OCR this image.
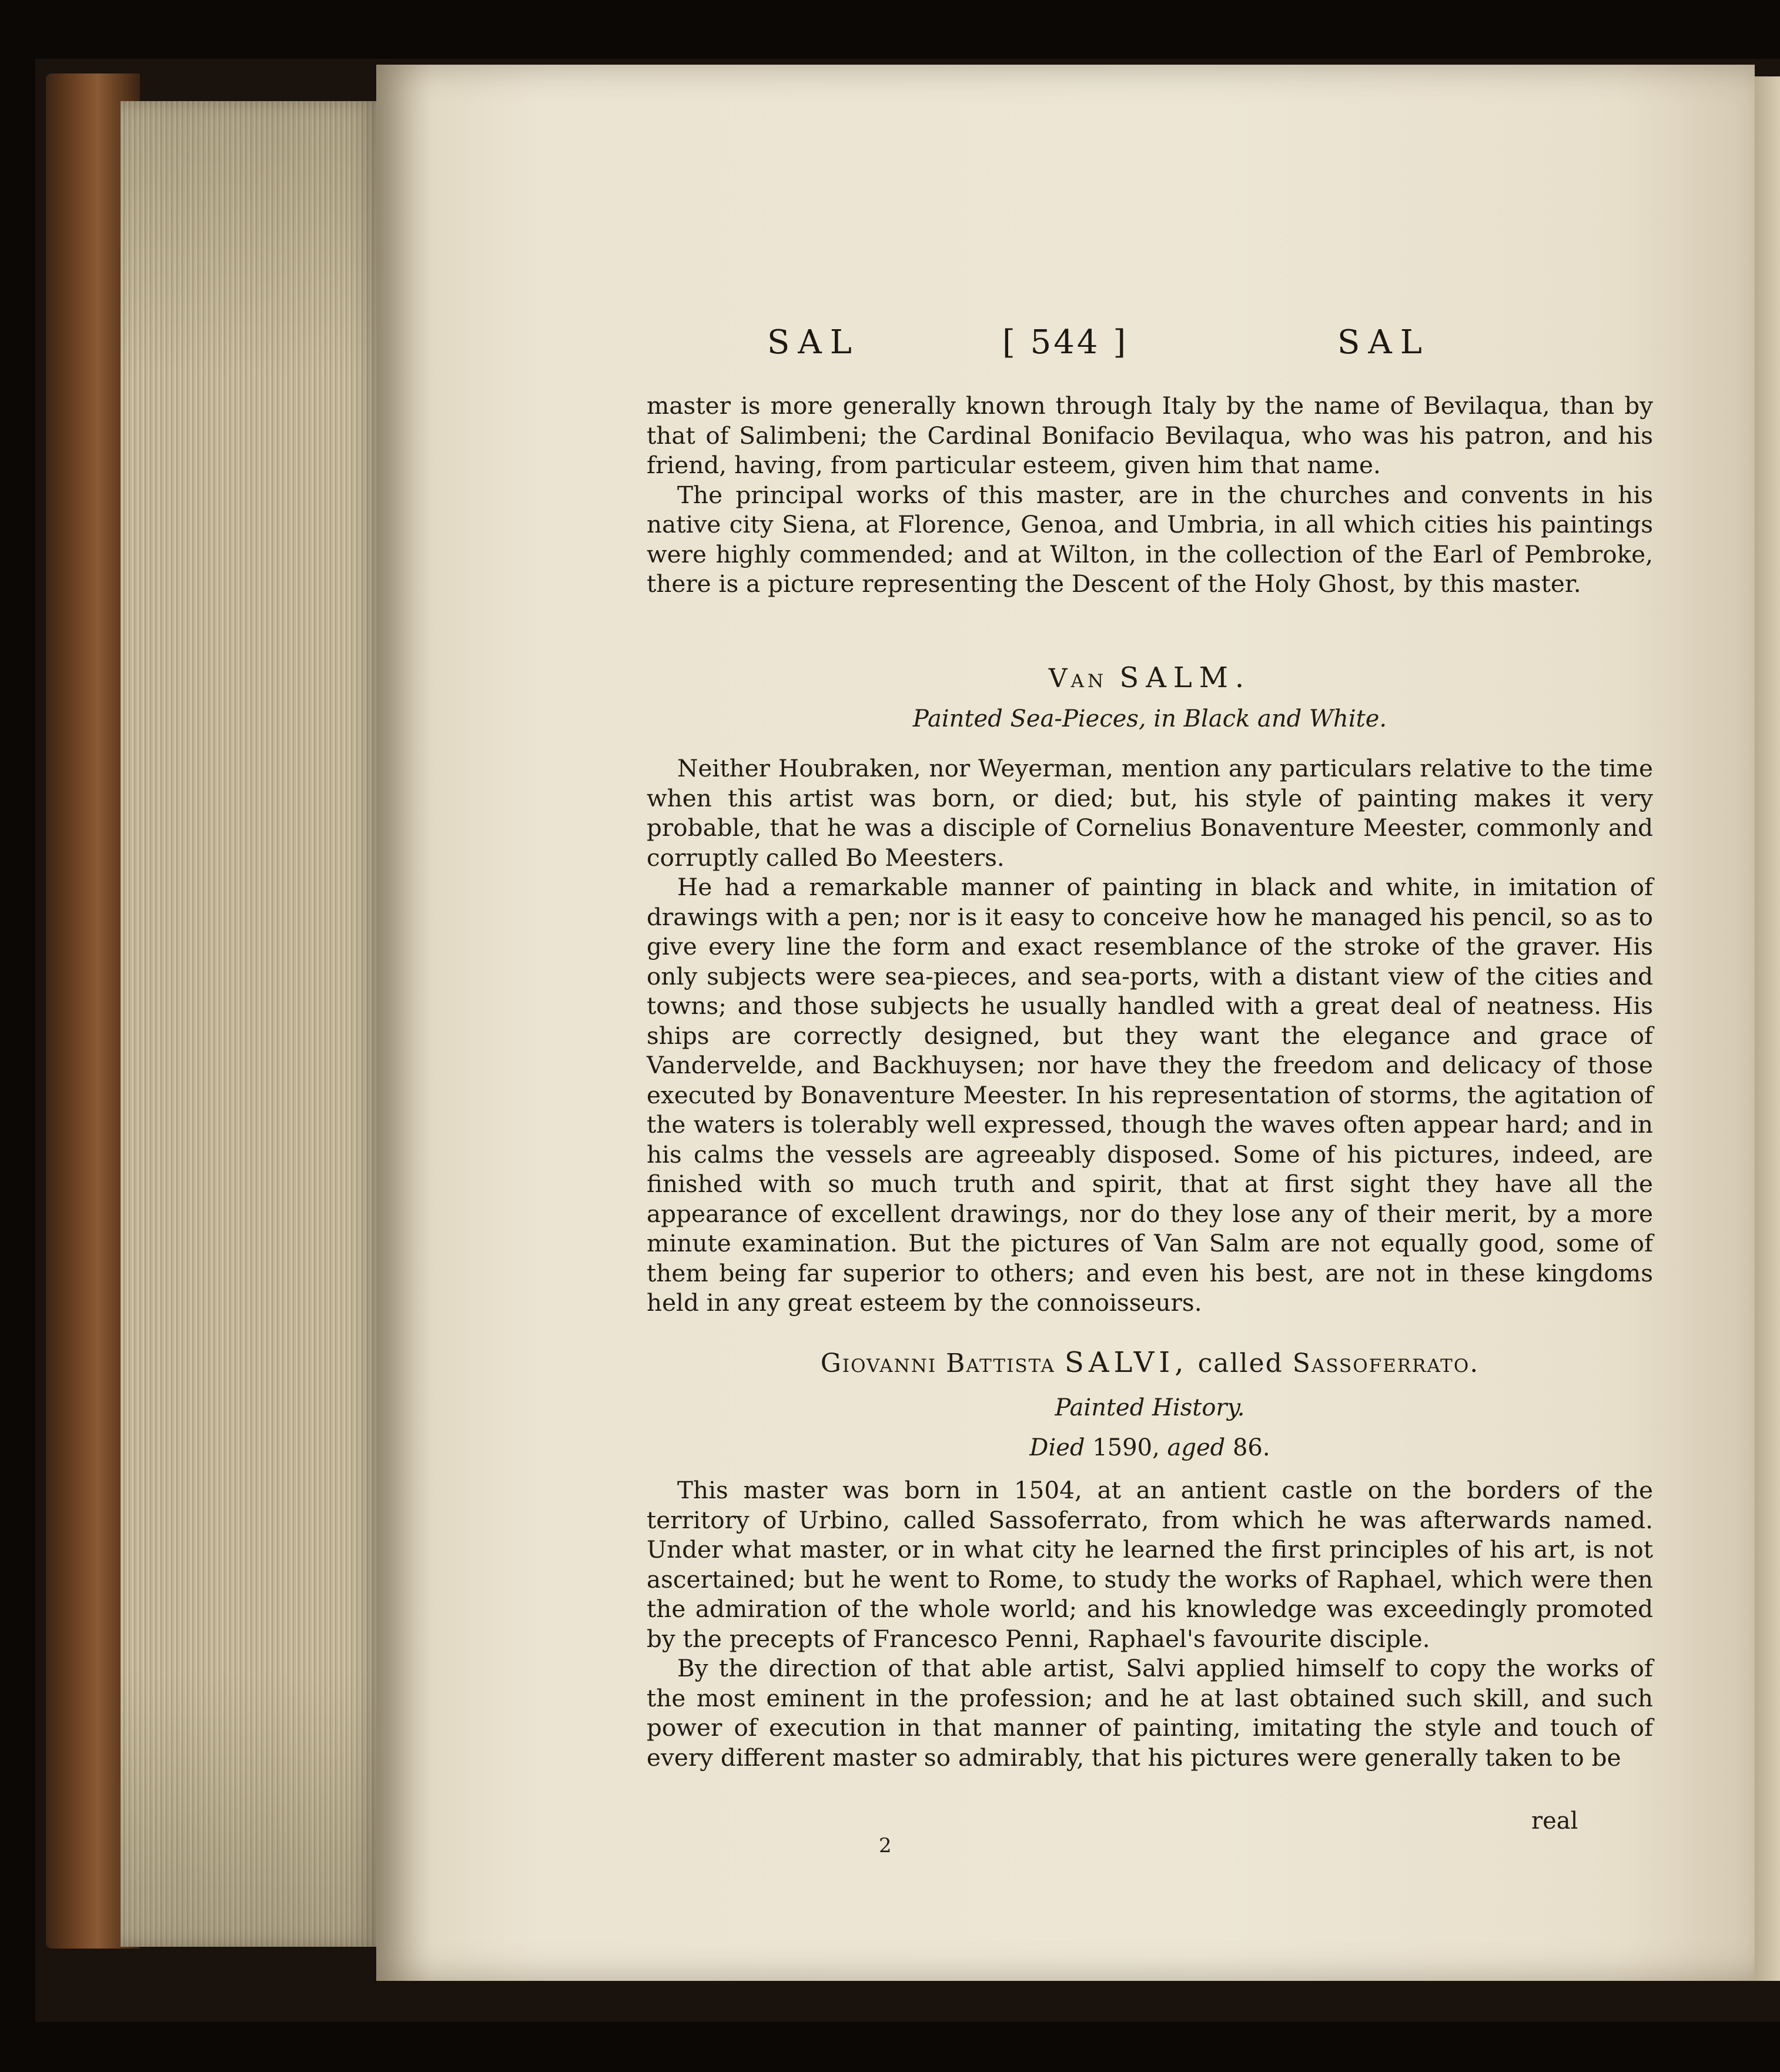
SAL	[ 544 ]	SAL

master is more generally known through Italy by the name of Bevilaqua, than by that of Salimbeni; the Cardinal Bonifacio Bevilaqua, who was his patron, and his friend, having, from particular esteem, given him that name.

The principal works of this master, are in the churches and convents in his native city Siena, at Florence, Genoa, and Umbria, in all which cities his paintings were highly commended; and at Wilton, in the collection of the Earl of Pembroke, there is a picture representing the Descent of the Holy Ghost, by this master.

Van SALM.
Painted Sea-Pieces, in Black and White.

Neither Houbraken, nor Weyerman, mention any particulars relative to the time when this artist was born, or died; but, his style of painting makes it very probable, that he was a disciple of Cornelius Bonaventure Meester, commonly and corruptly called Bo Meesters.

He had a remarkable manner of painting in black and white, in imitation of drawings with a pen; nor is it easy to conceive how he managed his pencil, so as to give every line the form and exact resemblance of the stroke of the graver. His only subjects were sea-pieces, and sea-ports, with a distant view of the cities and towns; and those subjects he usually handled with a great deal of neatness. His ships are correctly designed, but they want the elegance and grace of Vandervelde, and Backhuysen; nor have they the freedom and delicacy of those executed by Bonaventure Meester. In his representation of storms, the agitation of the waters is tolerably well expressed, though the waves often appear hard; and in his calms the vessels are agreeably disposed. Some of his pictures, indeed, are finished with so much truth and spirit, that at first sight they have all the appearance of excellent drawings, nor do they lose any of their merit, by a more minute examination. But the pictures of Van Salm are not equally good, some of them being far superior to others; and even his best, are not in these kingdoms held in any great esteem by the connoisseurs.

Giovanni Battista SALVI, called Sassoferrato.
Painted History.
Died 1590, aged 86.

This master was born in 1504, at an antient castle on the borders of the territory of Urbino, called Sassoferrato, from which he was afterwards named. Under what master, or in what city he learned the first principles of his art, is not ascertained; but he went to Rome, to study the works of Raphael, which were then the admiration of the whole world; and his knowledge was exceedingly promoted by the precepts of Francesco Penni, Raphael's favourite disciple.

By the direction of that able artist, Salvi applied himself to copy the works of the most eminent in the profession; and he at last obtained such skill, and such power of execution in that manner of painting, imitating the style and touch of every different master so admirably, that his pictures were generally taken to be

real
2
